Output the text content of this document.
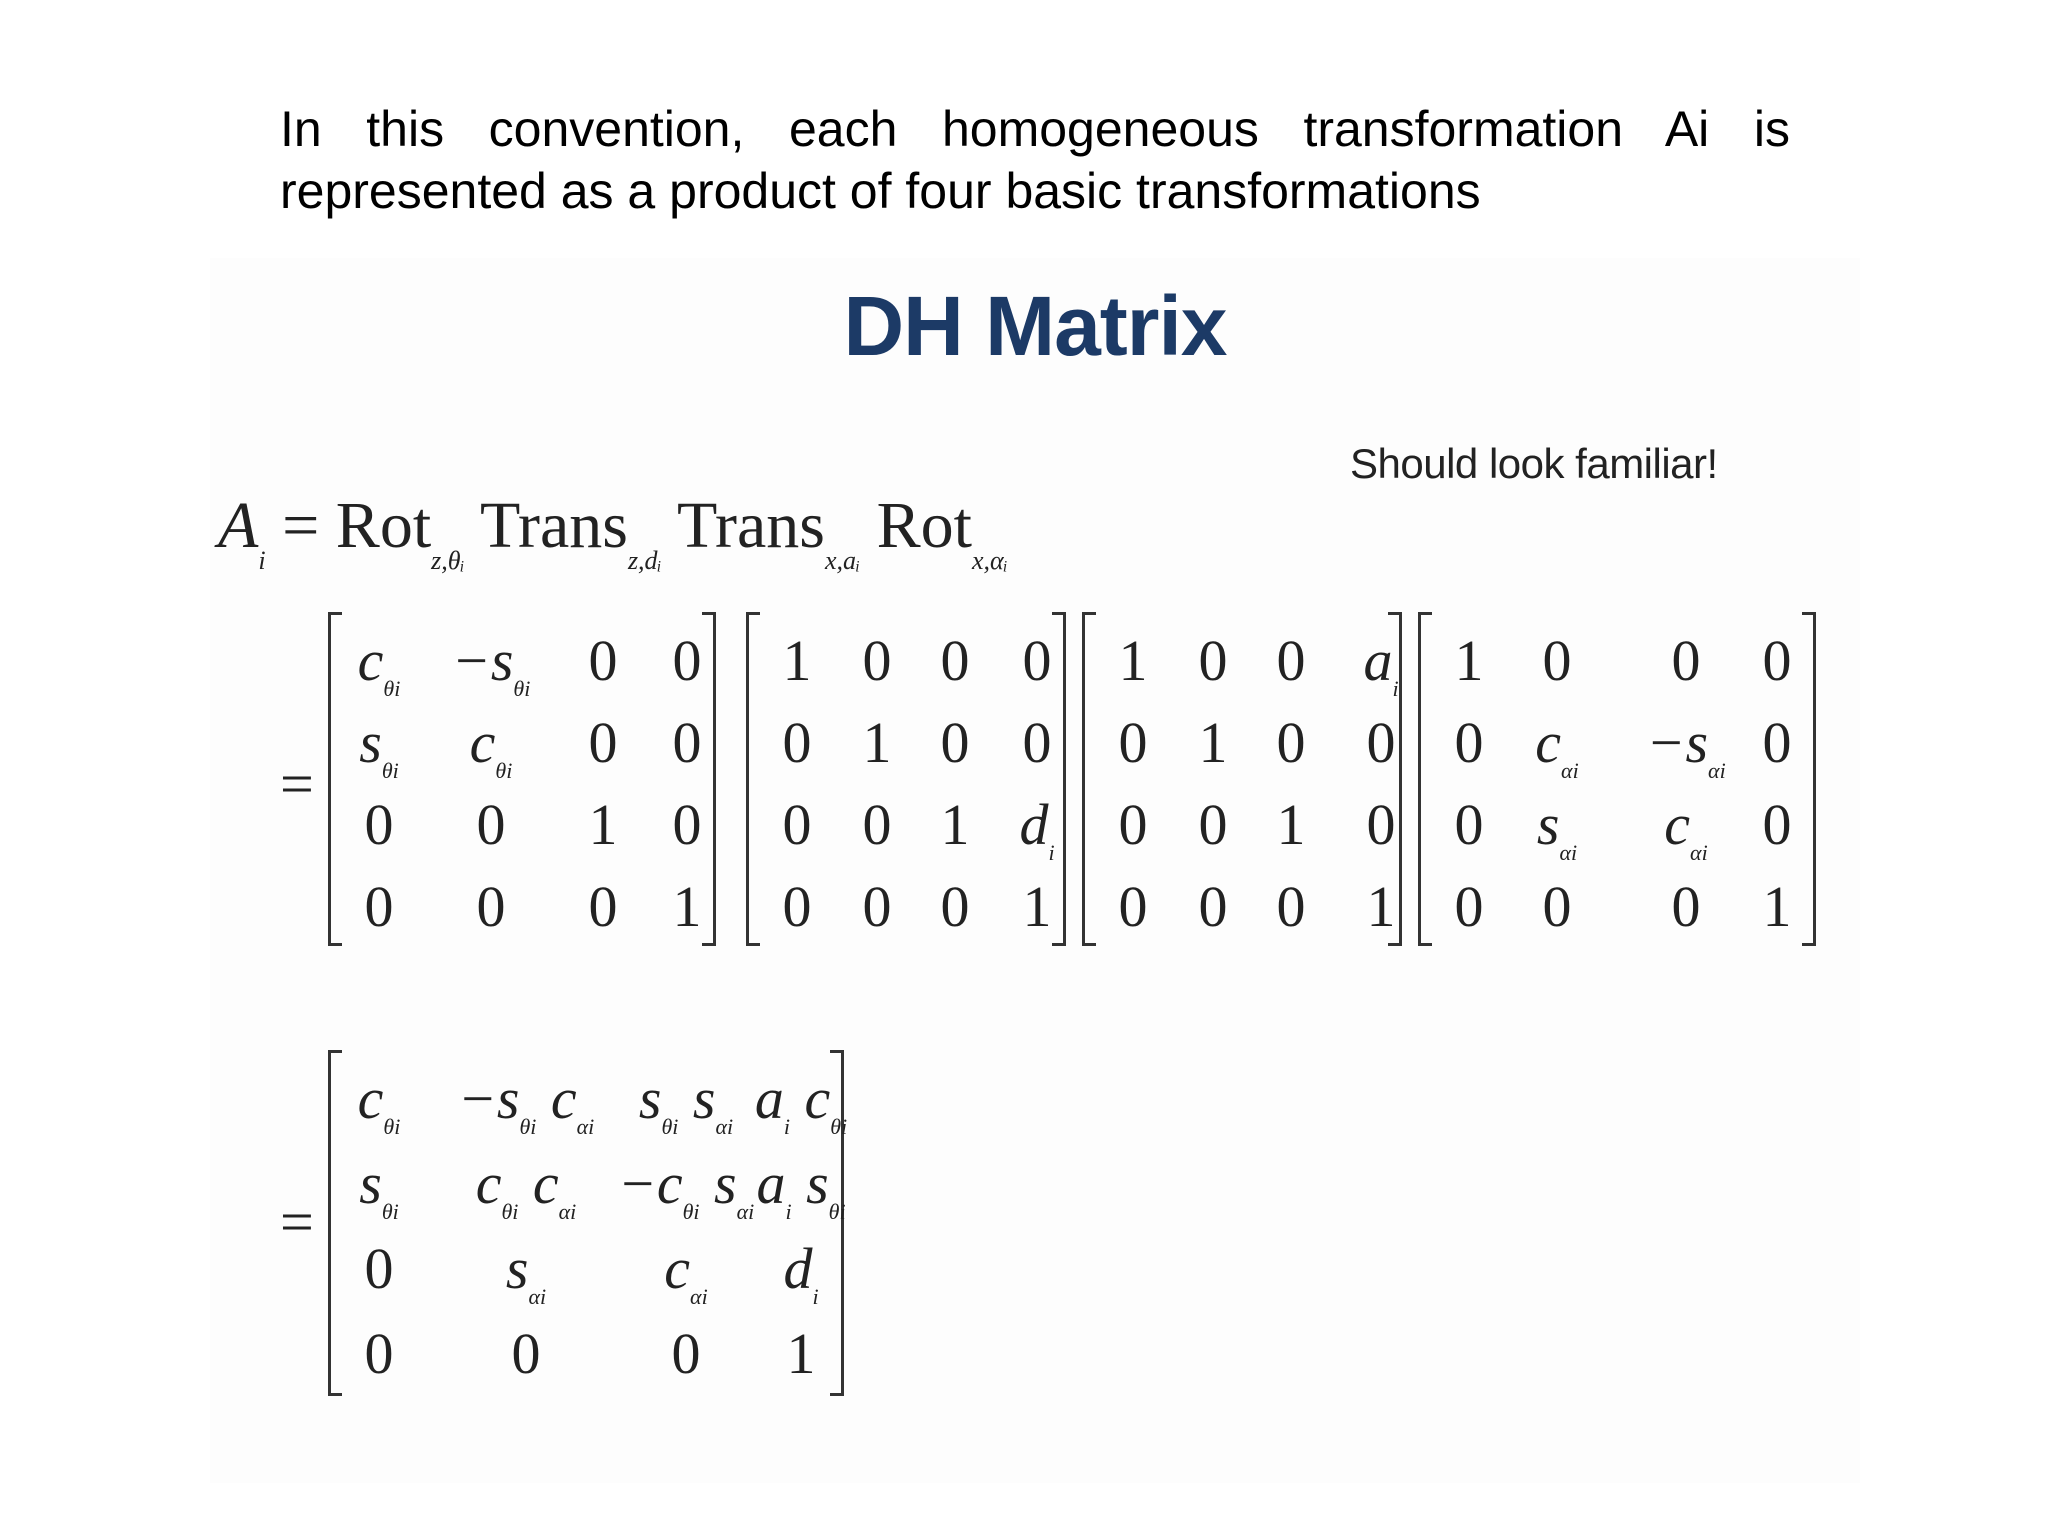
In this convention, each homogeneous transformation Ai is
represented as a product of four basic transformations
DH Matrix
Should look familiar!
$A_i = Rot_{z,\theta ᵢ}$ Trans$_{z,dᵢ}$ Trans$_{x,aᵢ}$ Rot$_{x,\alpha ᵢ}$
=
$c_{\theta i} -s_{\theta i}$ 0 0
$s_{\theta i}$ $c_{\theta i}$ 0 0
0 0 1 0
0 0 0 1
1 0 0 0
0 1 0 0
0 0 1 $d_i$
0 0 0 1
1 0 0 $a_i$
0 1 0 0
0 0 1 0
0 0 0 1
1 0 0 0
0 $c_{\alpha i} -s_{\alpha i}$ 0
0 $s_{\alpha i}$ $c_{\alpha i}$ 0
0 0 0 1
=
$c_{\theta i} -s_{\theta i}$ $c_{\alpha i}$ $s_{\theta i}$ $s_{\alpha i}$ $a_i$ $c_{\theta i}$
$s_{\theta i}$ $c_{\theta i}$ $c_{\alpha i} -c_{\theta i}$ $s_{\alpha i}$ $a_i$ $s_{\theta i}$
0 $s_{\alpha i}$ $c_{\alpha i}$ $d_i$
0 0 0 1
